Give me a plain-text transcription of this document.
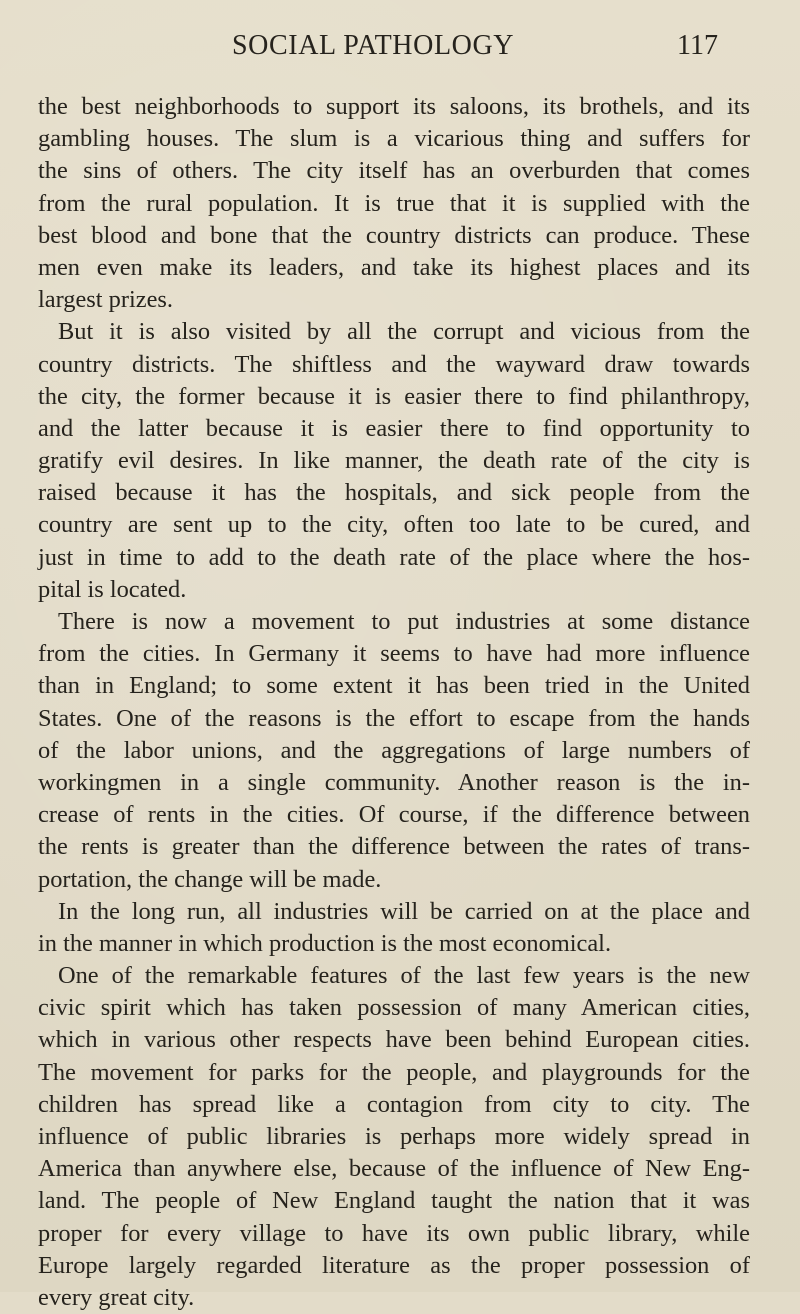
SOCIAL PATHOLOGY	117
the best neighborhoods to support its saloons, its brothels, and its
gambling houses. The slum is a vicarious thing and suffers for
the sins of others. The city itself has an overburden that comes
from the rural population. It is true that it is supplied with the
best blood and bone that the country districts can produce. These
men even make its leaders, and take its highest places and its
largest prizes.
But it is also visited by all the corrupt and vicious from the
country districts. The shiftless and the wayward draw towards
the city, the former because it is easier there to find philanthropy,
and the latter because it is easier there to find opportunity to
gratify evil desires. In like manner, the death rate of the city is
raised because it has the hospitals, and sick people from the
country are sent up to the city, often too late to be cured, and
just in time to add to the death rate of the place where the hos-
pital is located.
There is now a movement to put industries at some distance
from the cities. In Germany it seems to have had more influence
than in England; to some extent it has been tried in the United
States. One of the reasons is the effort to escape from the hands
of the labor unions, and the aggregations of large numbers of
workingmen in a single community. Another reason is the in-
crease of rents in the cities. Of course, if the difference between
the rents is greater than the difference between the rates of trans-
portation, the change will be made.
In the long run, all industries will be carried on at the place and
in the manner in which production is the most economical.
One of the remarkable features of the last few years is the new
civic spirit which has taken possession of many American cities,
which in various other respects have been behind European cities.
The movement for parks for the people, and playgrounds for the
children has spread like a contagion from city to city. The
influence of public libraries is perhaps more widely spread in
America than anywhere else, because of the influence of New Eng-
land. The people of New England taught the nation that it was
proper for every village to have its own public library, while
Europe largely regarded literature as the proper possession of
every great city.
